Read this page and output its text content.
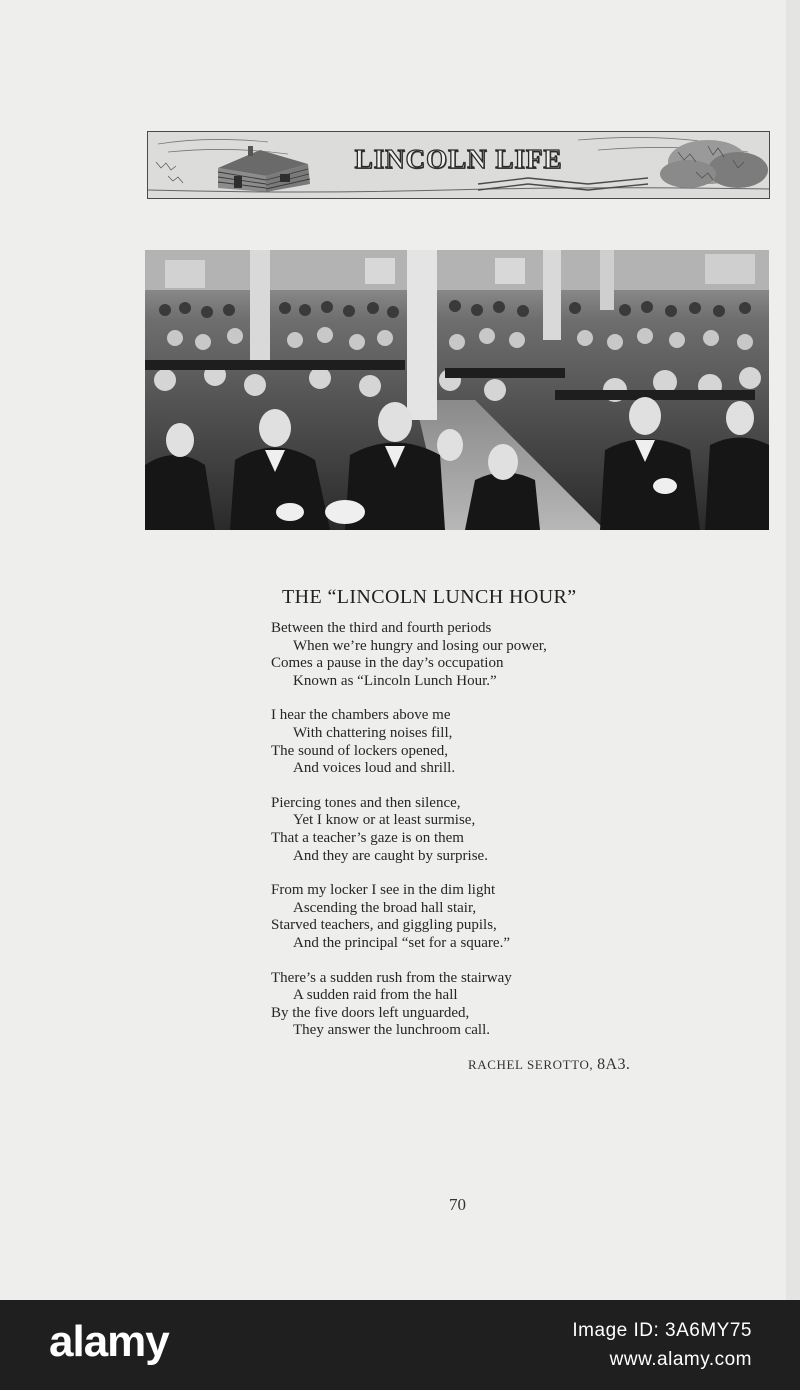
LINCOLN LIFE
THE “LINCOLN LUNCH HOUR”
Between the third and fourth periods
When we’re hungry and losing our power,
Comes a pause in the day’s occupation
Known as “Lincoln Lunch Hour.”
I hear the chambers above me
With chattering noises fill,
The sound of lockers opened,
And voices loud and shrill.
Piercing tones and then silence,
Yet I know or at least surmise,
That a teacher’s gaze is on them
And they are caught by surprise.
From my locker I see in the dim light
Ascending the broad hall stair,
Starved teachers, and giggling pupils,
And the principal “set for a square.”
There’s a sudden rush from the stairway
A sudden raid from the hall
By the five doors left unguarded,
They answer the lunchroom call.
RACHEL SEROTTO, 8A3.
70
alamy	Image ID: 3A6MY75
www.alamy.com
